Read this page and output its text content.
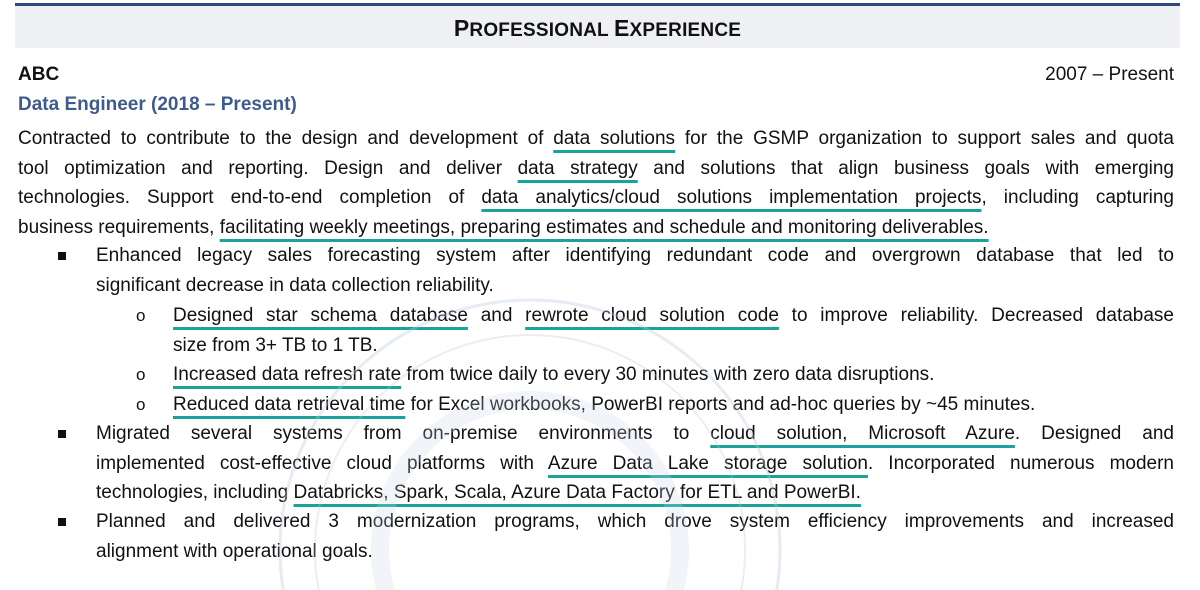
PROFESSIONAL EXPERIENCE
ABC	2007 – Present
Data Engineer (2018 – Present)
Contracted to contribute to the design and development of data solutions for the GSMP organization to support sales and quota
tool optimization and reporting. Design and deliver data strategy and solutions that align business goals with emerging
technologies. Support end-to-end completion of data analytics/cloud solutions implementation projects, including capturing
business requirements, facilitating weekly meetings, preparing estimates and schedule and monitoring deliverables.
Enhanced legacy sales forecasting system after identifying redundant code and overgrown database that led to
significant decrease in data collection reliability.
o Designed star schema database and rewrote cloud solution code to improve reliability. Decreased database
size from 3+ TB to 1 TB.
o Increased data refresh rate from twice daily to every 30 minutes with zero data disruptions.
o Reduced data retrieval time for Excel workbooks, PowerBI reports and ad-hoc queries by ~45 minutes.
Migrated several systems from on-premise environments to cloud solution, Microsoft Azure. Designed and
implemented cost-effective cloud platforms with Azure Data Lake storage solution. Incorporated numerous modern
technologies, including Databricks, Spark, Scala, Azure Data Factory for ETL and PowerBI.
Planned and delivered 3 modernization programs, which drove system efficiency improvements and increased
alignment with operational goals.
